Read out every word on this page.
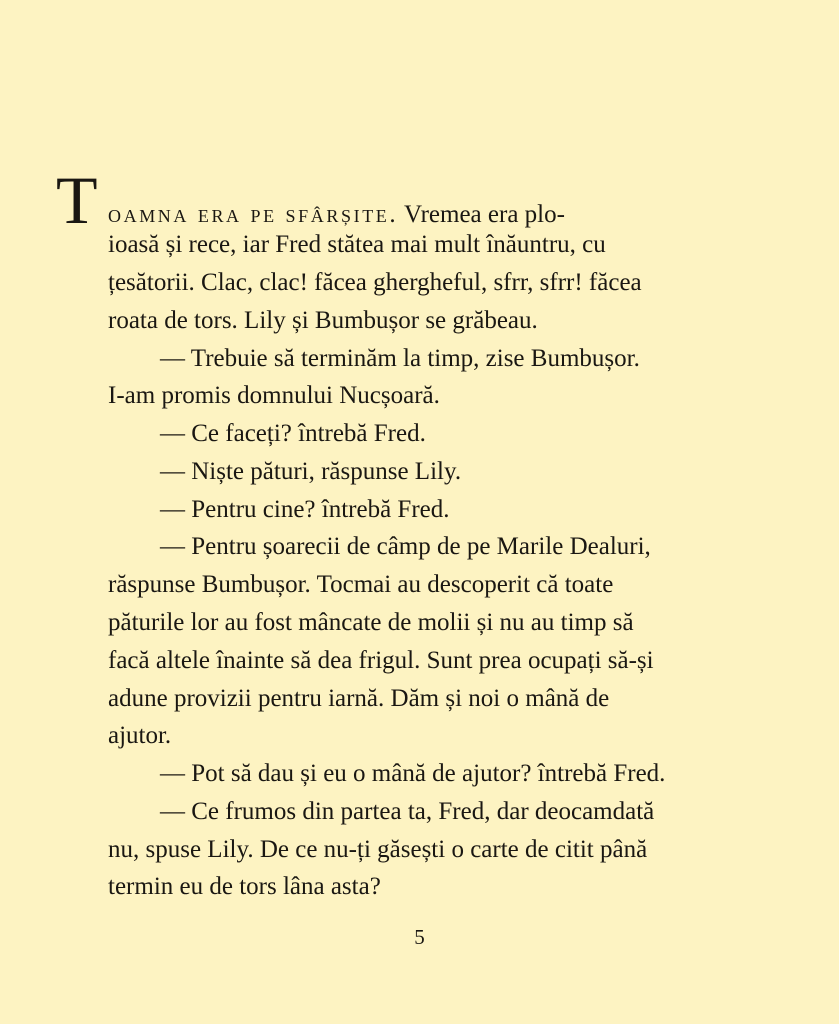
T oamna era pe sfârșite. Vremea era plo-
ioasă și rece, iar Fred stătea mai mult înăuntru, cu
țesătorii. Clac, clac! făcea ghergheful, sfrr, sfrr! făcea
roata de tors. Lily și Bumbușor se grăbeau.
— Trebuie să terminăm la timp, zise Bumbușor.
I-am promis domnului Nucșoară.
— Ce faceți? întrebă Fred.
— Niște pături, răspunse Lily.
— Pentru cine? întrebă Fred.
— Pentru șoarecii de câmp de pe Marile Dealuri,
răspunse Bumbușor. Tocmai au descoperit că toate
păturile lor au fost mâncate de molii și nu au timp să
facă altele înainte să dea frigul. Sunt prea ocupați să-și
adune provizii pentru iarnă. Dăm și noi o mână de
ajutor.
— Pot să dau și eu o mână de ajutor? întrebă Fred.
— Ce frumos din partea ta, Fred, dar deocamdată
nu, spuse Lily. De ce nu-ți găsești o carte de citit până
termin eu de tors lâna asta?
5
